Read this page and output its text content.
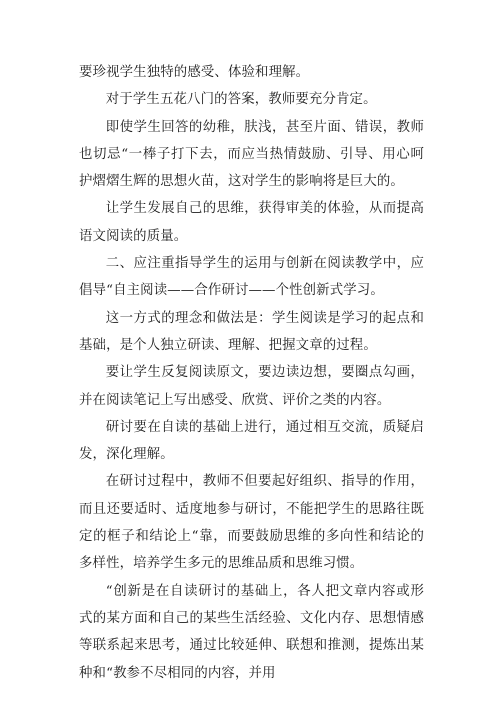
要珍视学生独特的感受、体验和理解。

对于学生五花八门的答案，教师要充分肯定。

即使学生回答的幼稚，肤浅，甚至片面、错误，教师也切忌“一棒子打下去，而应当热情鼓励、引导、用心呵护熠熠生辉的思想火苗，这对学生的影响将是巨大的。

让学生发展自己的思维，获得审美的体验，从而提高语文阅读的质量。

二、应注重指导学生的运用与创新在阅读教学中，应倡导“自主阅读——合作研讨——个性创新式学习。

这一方式的理念和做法是：学生阅读是学习的起点和基础，是个人独立研读、理解、把握文章的过程。

要让学生反复阅读原文，要边读边想，要圈点勾画，并在阅读笔记上写出感受、欣赏、评价之类的内容。

研讨要在自读的基础上进行，通过相互交流，质疑启发，深化理解。

在研讨过程中，教师不但要起好组织、指导的作用，而且还要适时、适度地参与研讨，不能把学生的思路往既定的框子和结论上“靠，而要鼓励思维的多向性和结论的多样性，培养学生多元的思维品质和思维习惯。

“创新是在自读研讨的基础上，各人把文章内容或形式的某方面和自己的某些生活经验、文化内存、思想情感等联系起来思考，通过比较延伸、联想和推测，提炼出某种和“教参不尽相同的内容，并用
